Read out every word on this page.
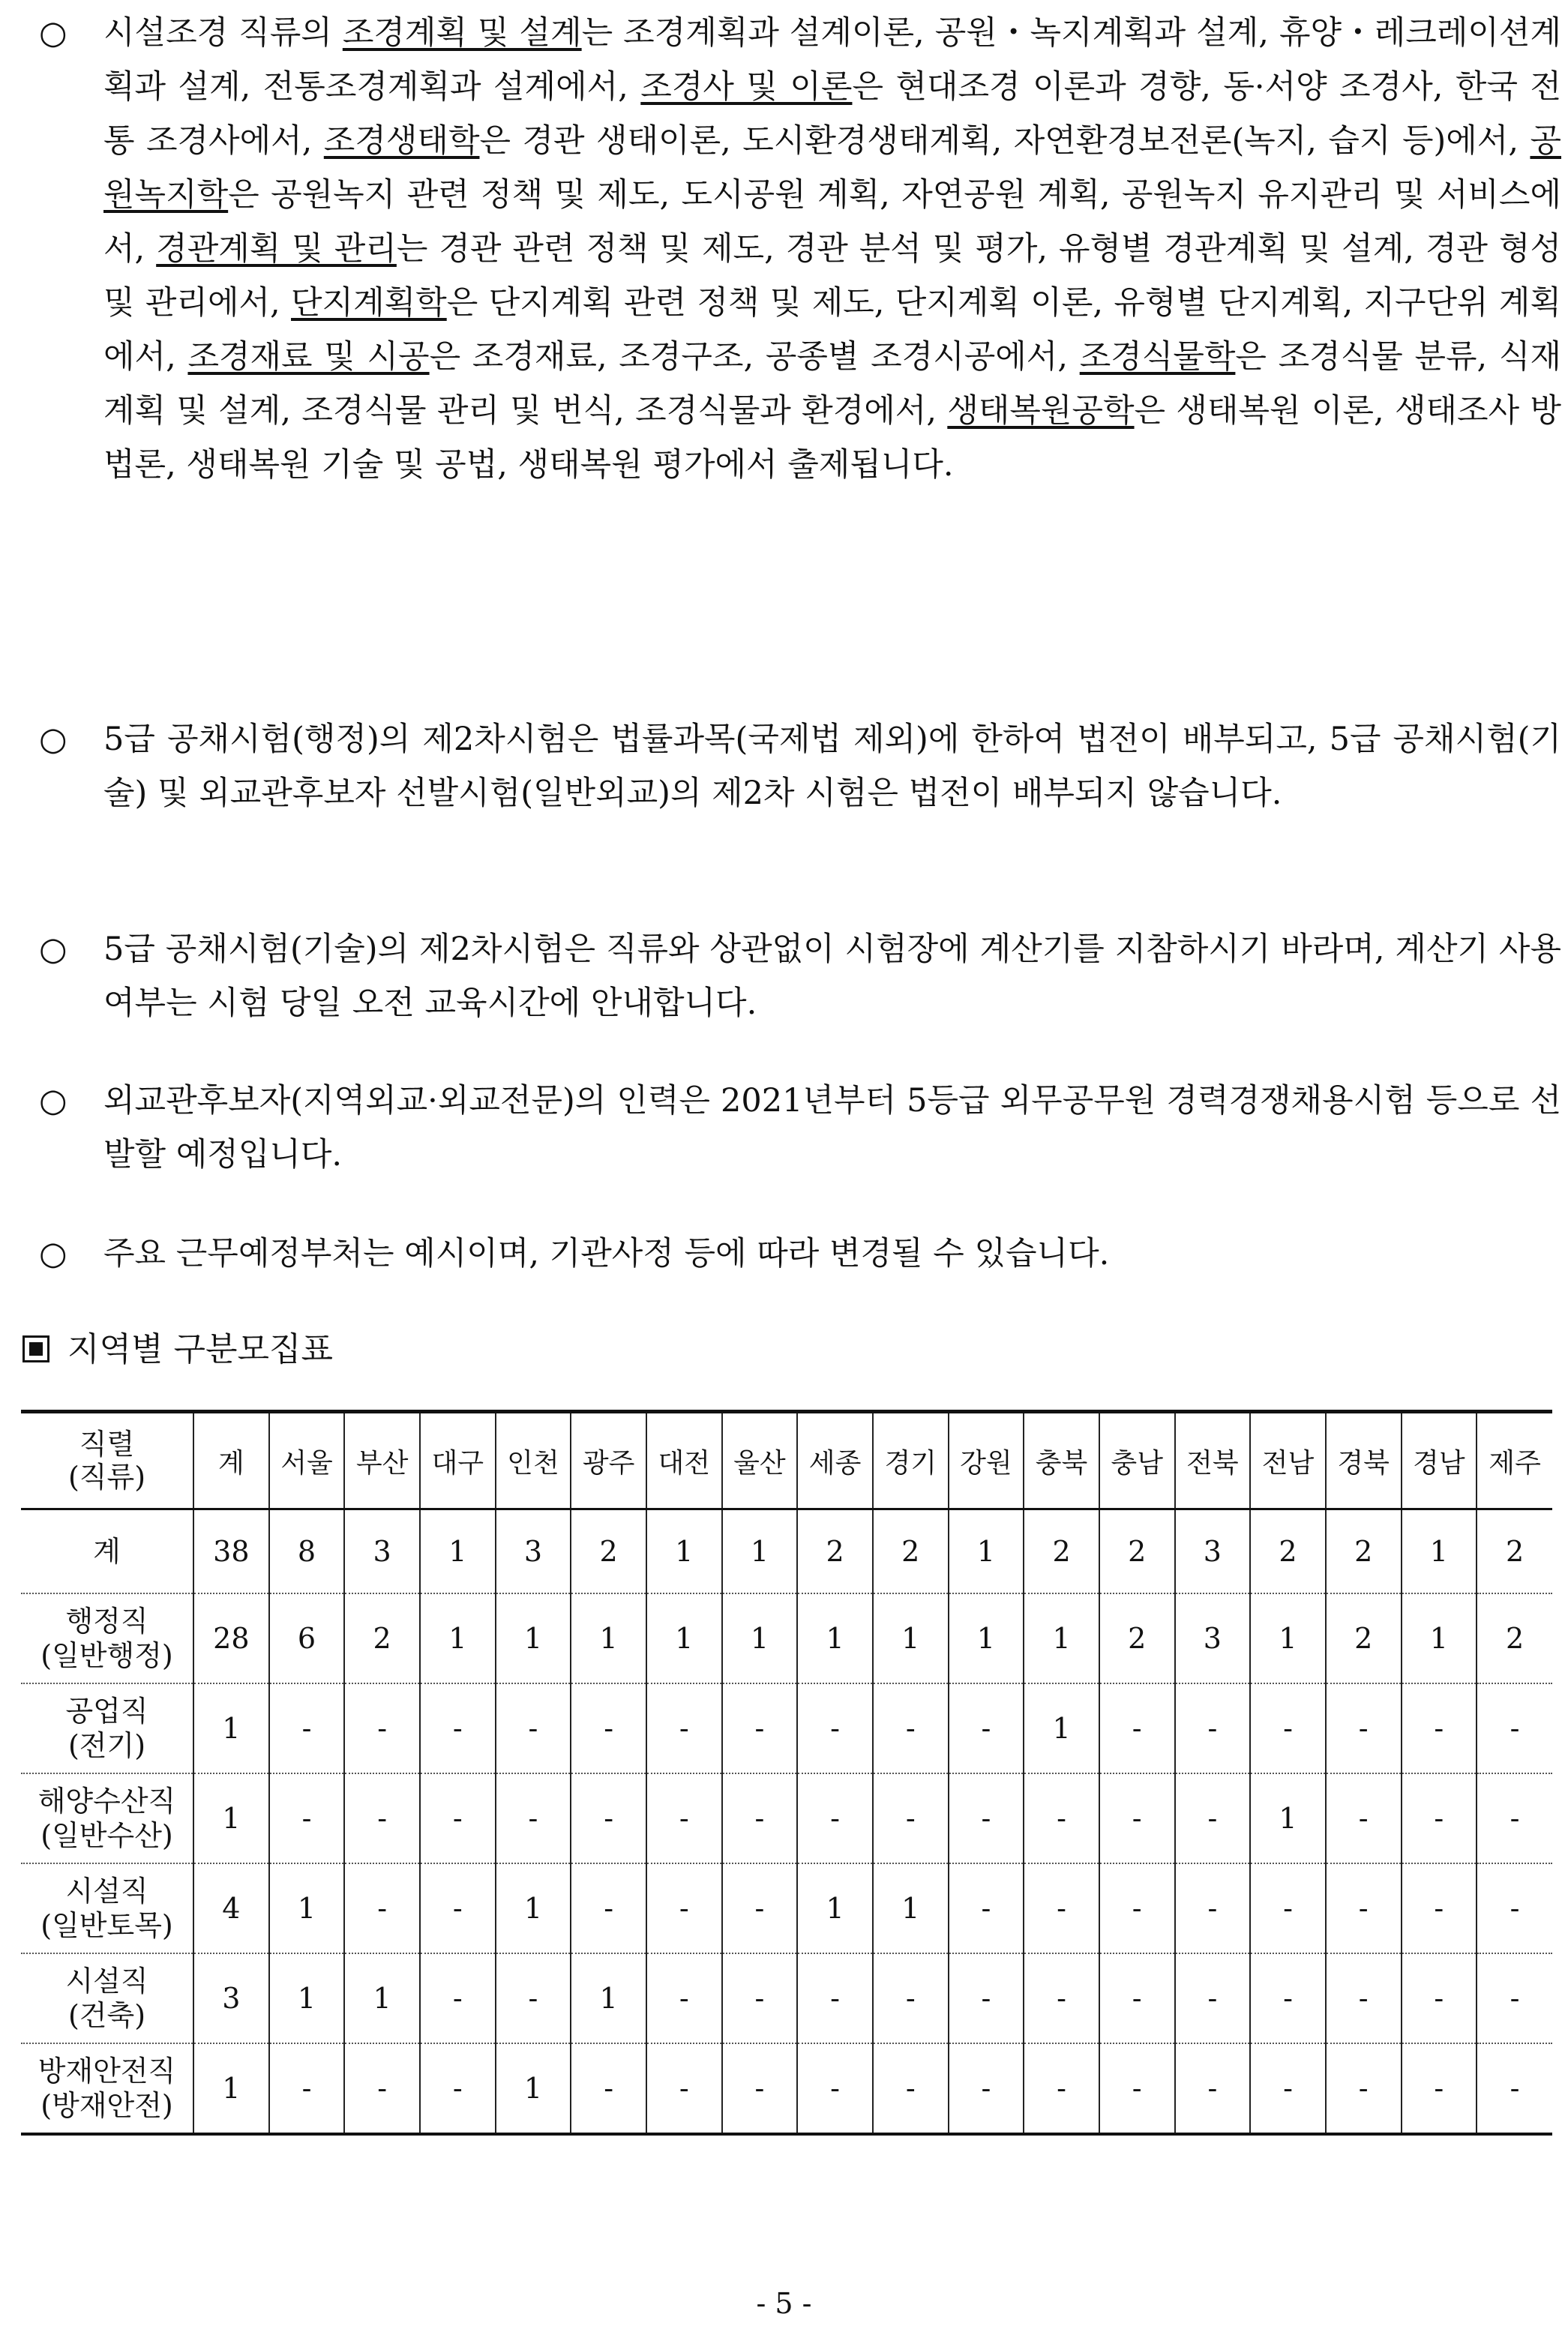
○ 시설조경 직류의 조경계획 및 설계는 조경계획과 설계이론, 공원・녹지계획과 설계, 휴양・레크레이션계획과 설계, 전통조경계획과 설계에서, 조경사 및 이론은 현대조경 이론과 경향, 동·서양 조경사, 한국 전통 조경사에서, 조경생태학은 경관 생태이론, 도시환경생태계획, 자연환경보전론(녹지, 습지 등)에서, 공원녹지학은 공원녹지 관련 정책 및 제도, 도시공원 계획, 자연공원 계획, 공원녹지 유지관리 및 서비스에서, 경관계획 및 관리는 경관 관련 정책 및 제도, 경관 분석 및 평가, 유형별 경관계획 및 설계, 경관 형성 및 관리에서, 단지계획학은 단지계획 관련 정책 및 제도, 단지계획 이론, 유형별 단지계획, 지구단위 계획에서, 조경재료 및 시공은 조경재료, 조경구조, 공종별 조경시공에서, 조경식물학은 조경식물 분류, 식재계획 및 설계, 조경식물 관리 및 번식, 조경식물과 환경에서, 생태복원공학은 생태복원 이론, 생태조사 방법론, 생태복원 기술 및 공법, 생태복원 평가에서 출제됩니다.
○ 5급 공채시험(행정)의 제2차시험은 법률과목(국제법 제외)에 한하여 법전이 배부되고, 5급 공채시험(기술) 및 외교관후보자 선발시험(일반외교)의 제2차 시험은 법전이 배부되지 않습니다.
○ 5급 공채시험(기술)의 제2차시험은 직류와 상관없이 시험장에 계산기를 지참하시기 바라며, 계산기 사용여부는 시험 당일 오전 교육시간에 안내합니다.
○ 외교관후보자(지역외교·외교전문)의 인력은 2021년부터 5등급 외무공무원 경력경쟁채용시험 등으로 선발할 예정입니다.
○ 주요 근무예정부처는 예시이며, 기관사정 등에 따라 변경될 수 있습니다.
지역별 구분모집표
직렬
(직류)	계	서울	부산	대구	인천	광주	대전	울산	세종	경기	강원	충북	충남	전북	전남	경북	경남	제주
계	38	8	3	1	3	2	1	1	2	2	1	2	2	3	2	2	1	2
행정직
(일반행정)	28	6	2	1	1	1	1	1	1	1	1	1	2	3	1	2	1	2
공업직
(전기)	1	-	-	-	-	-	-	-	-	-	-	1	-	-	-	-	-	-
해양수산직
(일반수산)	1	-	-	-	-	-	-	-	-	-	-	-	-	-	1	-	-	-
시설직
(일반토목)	4	1	-	-	1	-	-	-	1	1	-	-	-	-	-	-	-	-
시설직
(건축)	3	1	1	-	-	1	-	-	-	-	-	-	-	-	-	-	-	-
방재안전직
(방재안전)	1	-	-	-	1	-	-	-	-	-	-	-	-	-	-	-	-	-
- 5 -
